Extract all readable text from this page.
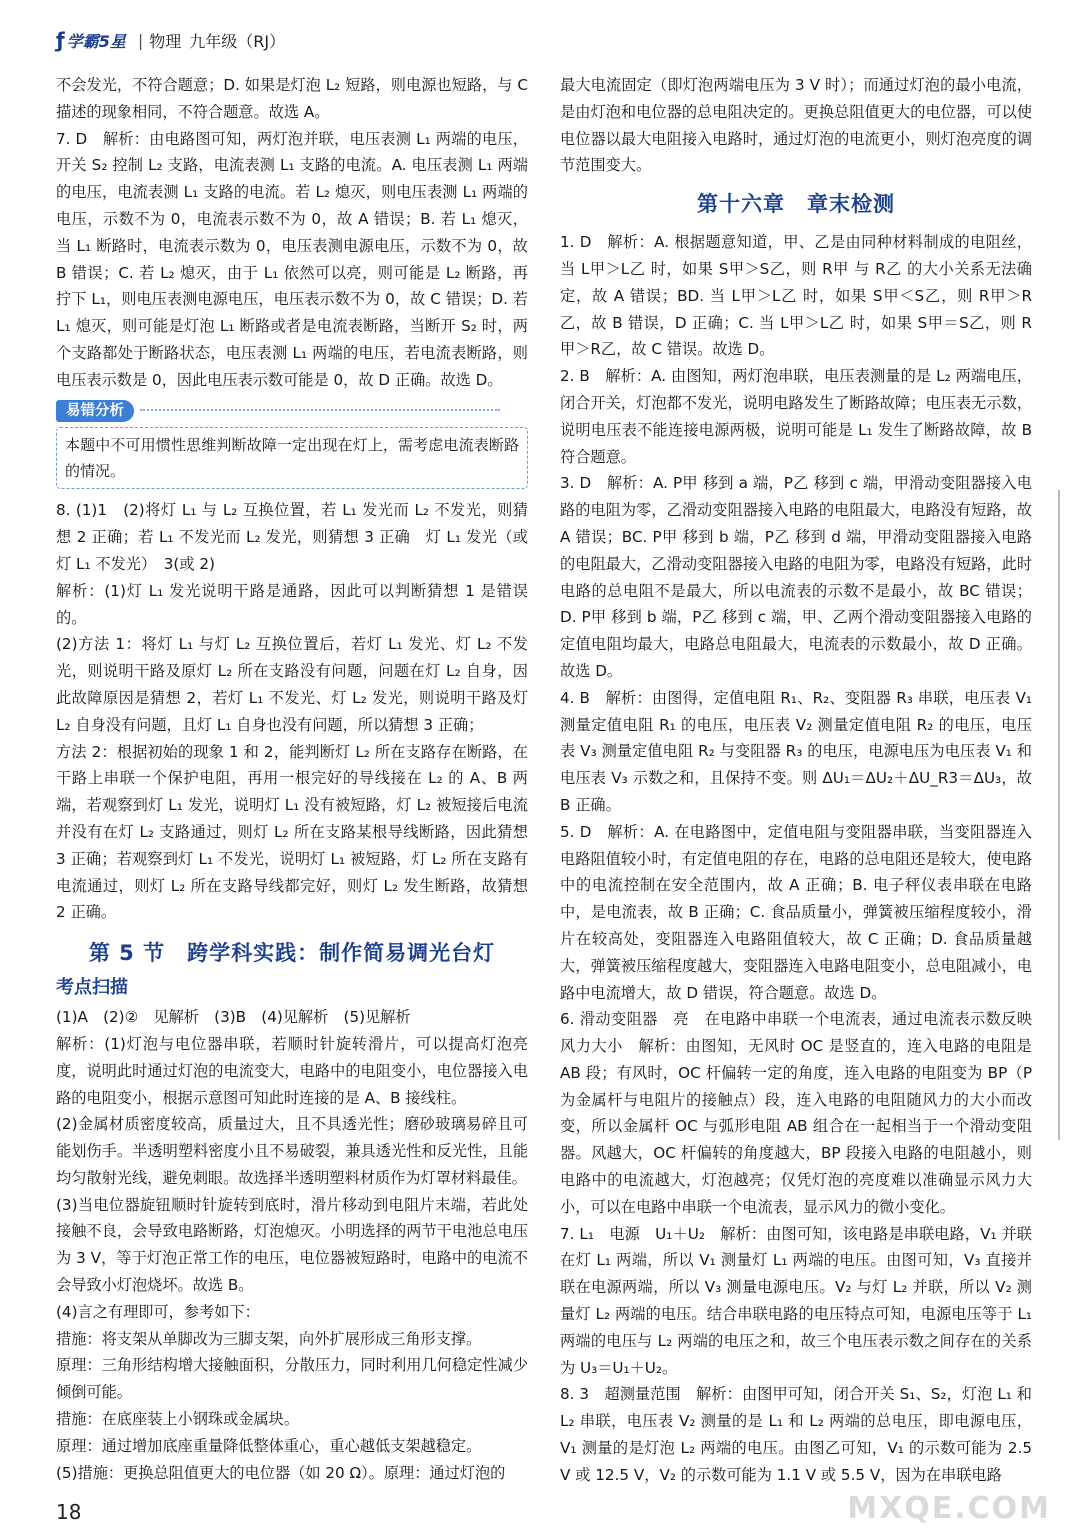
ƒ 学霸5星 | 物理 九年级（RJ）

不会发光，不符合题意；D. 如果是灯泡 L₂ 短路，则电源也短路，与 C 描述的现象相同，不符合题意。故选 A。

7. D　解析：由电路图可知，两灯泡并联，电压表测 L₁ 两端的电压，开关 S₂ 控制 L₂ 支路，电流表测 L₁ 支路的电流。A. 电压表测 L₁ 两端的电压，电流表测 L₁ 支路的电流。若 L₂ 熄灭，则电压表测 L₁ 两端的电压，示数不为 0，电流表示数不为 0，故 A 错误；B. 若 L₁ 熄灭，当 L₁ 断路时，电流表示数为 0，电压表测电源电压，示数不为 0，故 B 错误；C. 若 L₂ 熄灭，由于 L₁ 依然可以亮，则可能是 L₂ 断路，再拧下 L₁，则电压表测电源电压，电压表示数不为 0，故 C 错误；D. 若 L₁ 熄灭，则可能是灯泡 L₁ 断路或者是电流表断路，当断开 S₂ 时，两个支路都处于断路状态，电压表测 L₁ 两端的电压，若电流表断路，则电压表示数是 0，因此电压表示数可能是 0，故 D 正确。故选 D。

易错分析
本题中不可用惯性思维判断故障一定出现在灯上，需考虑电流表断路的情况。

8. (1)1　(2)将灯 L₁ 与 L₂ 互换位置，若 L₁ 发光而 L₂ 不发光，则猜想 2 正确；若 L₁ 不发光而 L₂ 发光，则猜想 3 正确　灯 L₁ 发光（或灯 L₁ 不发光）　3(或 2)

解析：(1)灯 L₁ 发光说明干路是通路，因此可以判断猜想 1 是错误的。

(2)方法 1：将灯 L₁ 与灯 L₂ 互换位置后，若灯 L₁ 发光、灯 L₂ 不发光，则说明干路及原灯 L₂ 所在支路没有问题，问题在灯 L₂ 自身，因此故障原因是猜想 2，若灯 L₁ 不发光、灯 L₂ 发光，则说明干路及灯 L₂ 自身没有问题，且灯 L₁ 自身也没有问题，所以猜想 3 正确；

方法 2：根据初始的现象 1 和 2，能判断灯 L₂ 所在支路存在断路，在干路上串联一个保护电阻，再用一根完好的导线接在 L₂ 的 A、B 两端，若观察到灯 L₁ 发光，说明灯 L₁ 没有被短路，灯 L₂ 被短接后电流并没有在灯 L₂ 支路通过，则灯 L₂ 所在支路某根导线断路，因此猜想 3 正确；若观察到灯 L₁ 不发光，说明灯 L₁ 被短路，灯 L₂ 所在支路有电流通过，则灯 L₂ 所在支路导线都完好，则灯 L₂ 发生断路，故猜想 2 正确。

第 5 节　跨学科实践：制作简易调光台灯
考点扫描

(1)A　(2)②　见解析　(3)B　(4)见解析　(5)见解析

解析：(1)灯泡与电位器串联，若顺时针旋转滑片，可以提高灯泡亮度，说明此时通过灯泡的电流变大，电路中的电阻变小，电位器接入电路的电阻变小，根据示意图可知此时连接的是 A、B 接线柱。

(2)金属材质密度较高，质量过大，且不具透光性；磨砂玻璃易碎且可能划伤手。半透明塑料密度小且不易破裂，兼具透光性和反光性，且能均匀散射光线，避免刺眼。故选择半透明塑料材质作为灯罩材料最佳。

(3)当电位器旋钮顺时针旋转到底时，滑片移动到电阻片末端，若此处接触不良，会导致电路断路，灯泡熄灭。小明选择的两节干电池总电压为 3 V，等于灯泡正常工作的电压，电位器被短路时，电路中的电流不会导致小灯泡烧坏。故选 B。

(4)言之有理即可，参考如下：

措施：将支架从单脚改为三脚支架，向外扩展形成三角形支撑。

原理：三角形结构增大接触面积，分散压力，同时利用几何稳定性减少倾倒可能。

措施：在底座装上小钢珠或金属块。

原理：通过增加底座重量降低整体重心，重心越低支架越稳定。

(5)措施：更换总阻值更大的电位器（如 20 Ω）。原理：通过灯泡的

最大电流固定（即灯泡两端电压为 3 V 时）；而通过灯泡的最小电流，是由灯泡和电位器的总电阻决定的。更换总阻值更大的电位器，可以使电位器以最大电阻接入电路时，通过灯泡的电流更小，则灯泡亮度的调节范围变大。

第十六章　章末检测

1. D　解析：A. 根据题意知道，甲、乙是由同种材料制成的电阻丝，当 L甲＞L乙 时，如果 S甲＞S乙，则 R甲 与 R乙 的大小关系无法确定，故 A 错误；BD. 当 L甲＞L乙 时，如果 S甲＜S乙，则 R甲＞R乙，故 B 错误，D 正确；C. 当 L甲＞L乙 时，如果 S甲＝S乙，则 R甲＞R乙，故 C 错误。故选 D。

2. B　解析：A. 由图知，两灯泡串联，电压表测量的是 L₂ 两端电压，闭合开关，灯泡都不发光，说明电路发生了断路故障；电压表无示数，说明电压表不能连接电源两极，说明可能是 L₁ 发生了断路故障，故 B 符合题意。

3. D　解析：A. P甲 移到 a 端，P乙 移到 c 端，甲滑动变阻器接入电路的电阻为零，乙滑动变阻器接入电路的电阻最大，电路没有短路，故 A 错误；BC. P甲 移到 b 端，P乙 移到 d 端，甲滑动变阻器接入电路的电阻最大，乙滑动变阻器接入电路的电阻为零，电路没有短路，此时电路的总电阻不是最大，所以电流表的示数不是最小，故 BC 错误；D. P甲 移到 b 端，P乙 移到 c 端，甲、乙两个滑动变阻器接入电路的定值电阻均最大，电路总电阻最大，电流表的示数最小，故 D 正确。故选 D。

4. B　解析：由图得，定值电阻 R₁、R₂、变阻器 R₃ 串联，电压表 V₁ 测量定值电阻 R₁ 的电压，电压表 V₂ 测量定值电阻 R₂ 的电压，电压表 V₃ 测量定值电阻 R₂ 与变阻器 R₃ 的电压，电源电压为电压表 V₁ 和电压表 V₃ 示数之和，且保持不变。则 ΔU₁＝ΔU₂＋ΔU_R3＝ΔU₃，故 B 正确。

5. D　解析：A. 在电路图中，定值电阻与变阻器串联，当变阻器连入电路阻值较小时，有定值电阻的存在，电路的总电阻还是较大，使电路中的电流控制在安全范围内，故 A 正确；B. 电子秤仪表串联在电路中，是电流表，故 B 正确；C. 食品质量小，弹簧被压缩程度较小，滑片在较高处，变阻器连入电路阻值较大，故 C 正确；D. 食品质量越大，弹簧被压缩程度越大，变阻器连入电路电阻变小，总电阻减小，电路中电流增大，故 D 错误，符合题意。故选 D。

6. 滑动变阻器　亮　在电路中串联一个电流表，通过电流表示数反映风力大小　解析：由图知，无风时 OC 是竖直的，连入电路的电阻是 AB 段；有风时，OC 杆偏转一定的角度，连入电路的电阻变为 BP（P 为金属杆与电阻片的接触点）段，连入电路的电阻随风力的大小而改变，所以金属杆 OC 与弧形电阻 AB 组合在一起相当于一个滑动变阻器。风越大，OC 杆偏转的角度越大，BP 段接入电路的电阻越小，则电路中的电流越大，灯泡越亮；仅凭灯泡的亮度难以准确显示风力大小，可以在电路中串联一个电流表，显示风力的微小变化。

7. L₁　电源　U₁＋U₂　解析：由图可知，该电路是串联电路，V₁ 并联在灯 L₁ 两端，所以 V₁ 测量灯 L₁ 两端的电压。由图可知，V₃ 直接并联在电源两端，所以 V₃ 测量电源电压。V₂ 与灯 L₂ 并联，所以 V₂ 测量灯 L₂ 两端的电压。结合串联电路的电压特点可知，电源电压等于 L₁ 两端的电压与 L₂ 两端的电压之和，故三个电压表示数之间存在的关系为 U₃＝U₁＋U₂。

8. 3　超测量范围　解析：由图甲可知，闭合开关 S₁、S₂，灯泡 L₁ 和 L₂ 串联，电压表 V₂ 测量的是 L₁ 和 L₂ 两端的总电压，即电源电压，V₁ 测量的是灯泡 L₂ 两端的电压。由图乙可知，V₁ 的示数可能为 2.5 V 或 12.5 V，V₂ 的示数可能为 1.1 V 或 5.5 V，因为在串联电路

18	MXQE.COM
